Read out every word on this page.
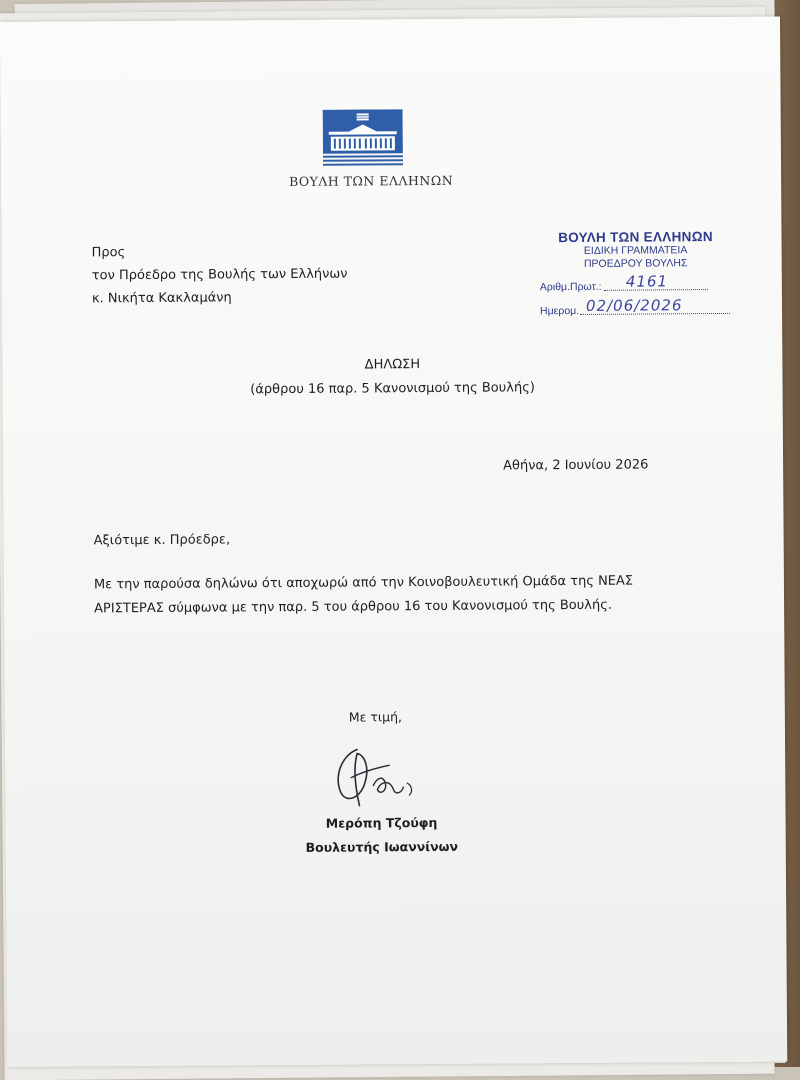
ΒΟΥΛΗ ΤΩΝ ΕΛΛΗΝΩΝ
Προς
τον Πρόεδρο της Βουλής των Ελλήνων
κ. Νικήτα Κακλαμάνη
ΒΟΥΛΗ ΤΩΝ ΕΛΛΗΝΩΝ
ΕΙΔΙΚΗ ΓΡΑΜΜΑΤΕΙΑ
ΠΡΟΕΔΡΟΥ ΒΟΥΛΗΣ
Αριθμ.Πρωτ.: 4161
Ημερομ. 02/06/2026
ΔΗΛΩΣΗ
(άρθρου 16 παρ. 5 Κανονισμού της Βουλής)
Αθήνα, 2 Ιουνίου 2026
Αξιότιμε κ. Πρόεδρε,
Με την παρούσα δηλώνω ότι αποχωρώ από την Κοινοβουλευτική Ομάδα της ΝΕΑΣ
ΑΡΙΣΤΕΡΑΣ σύμφωνα με την παρ. 5 του άρθρου 16 του Κανονισμού της Βουλής.
Με τιμή,
Μερόπη Τζούφη
Βουλευτής Ιωαννίνων
